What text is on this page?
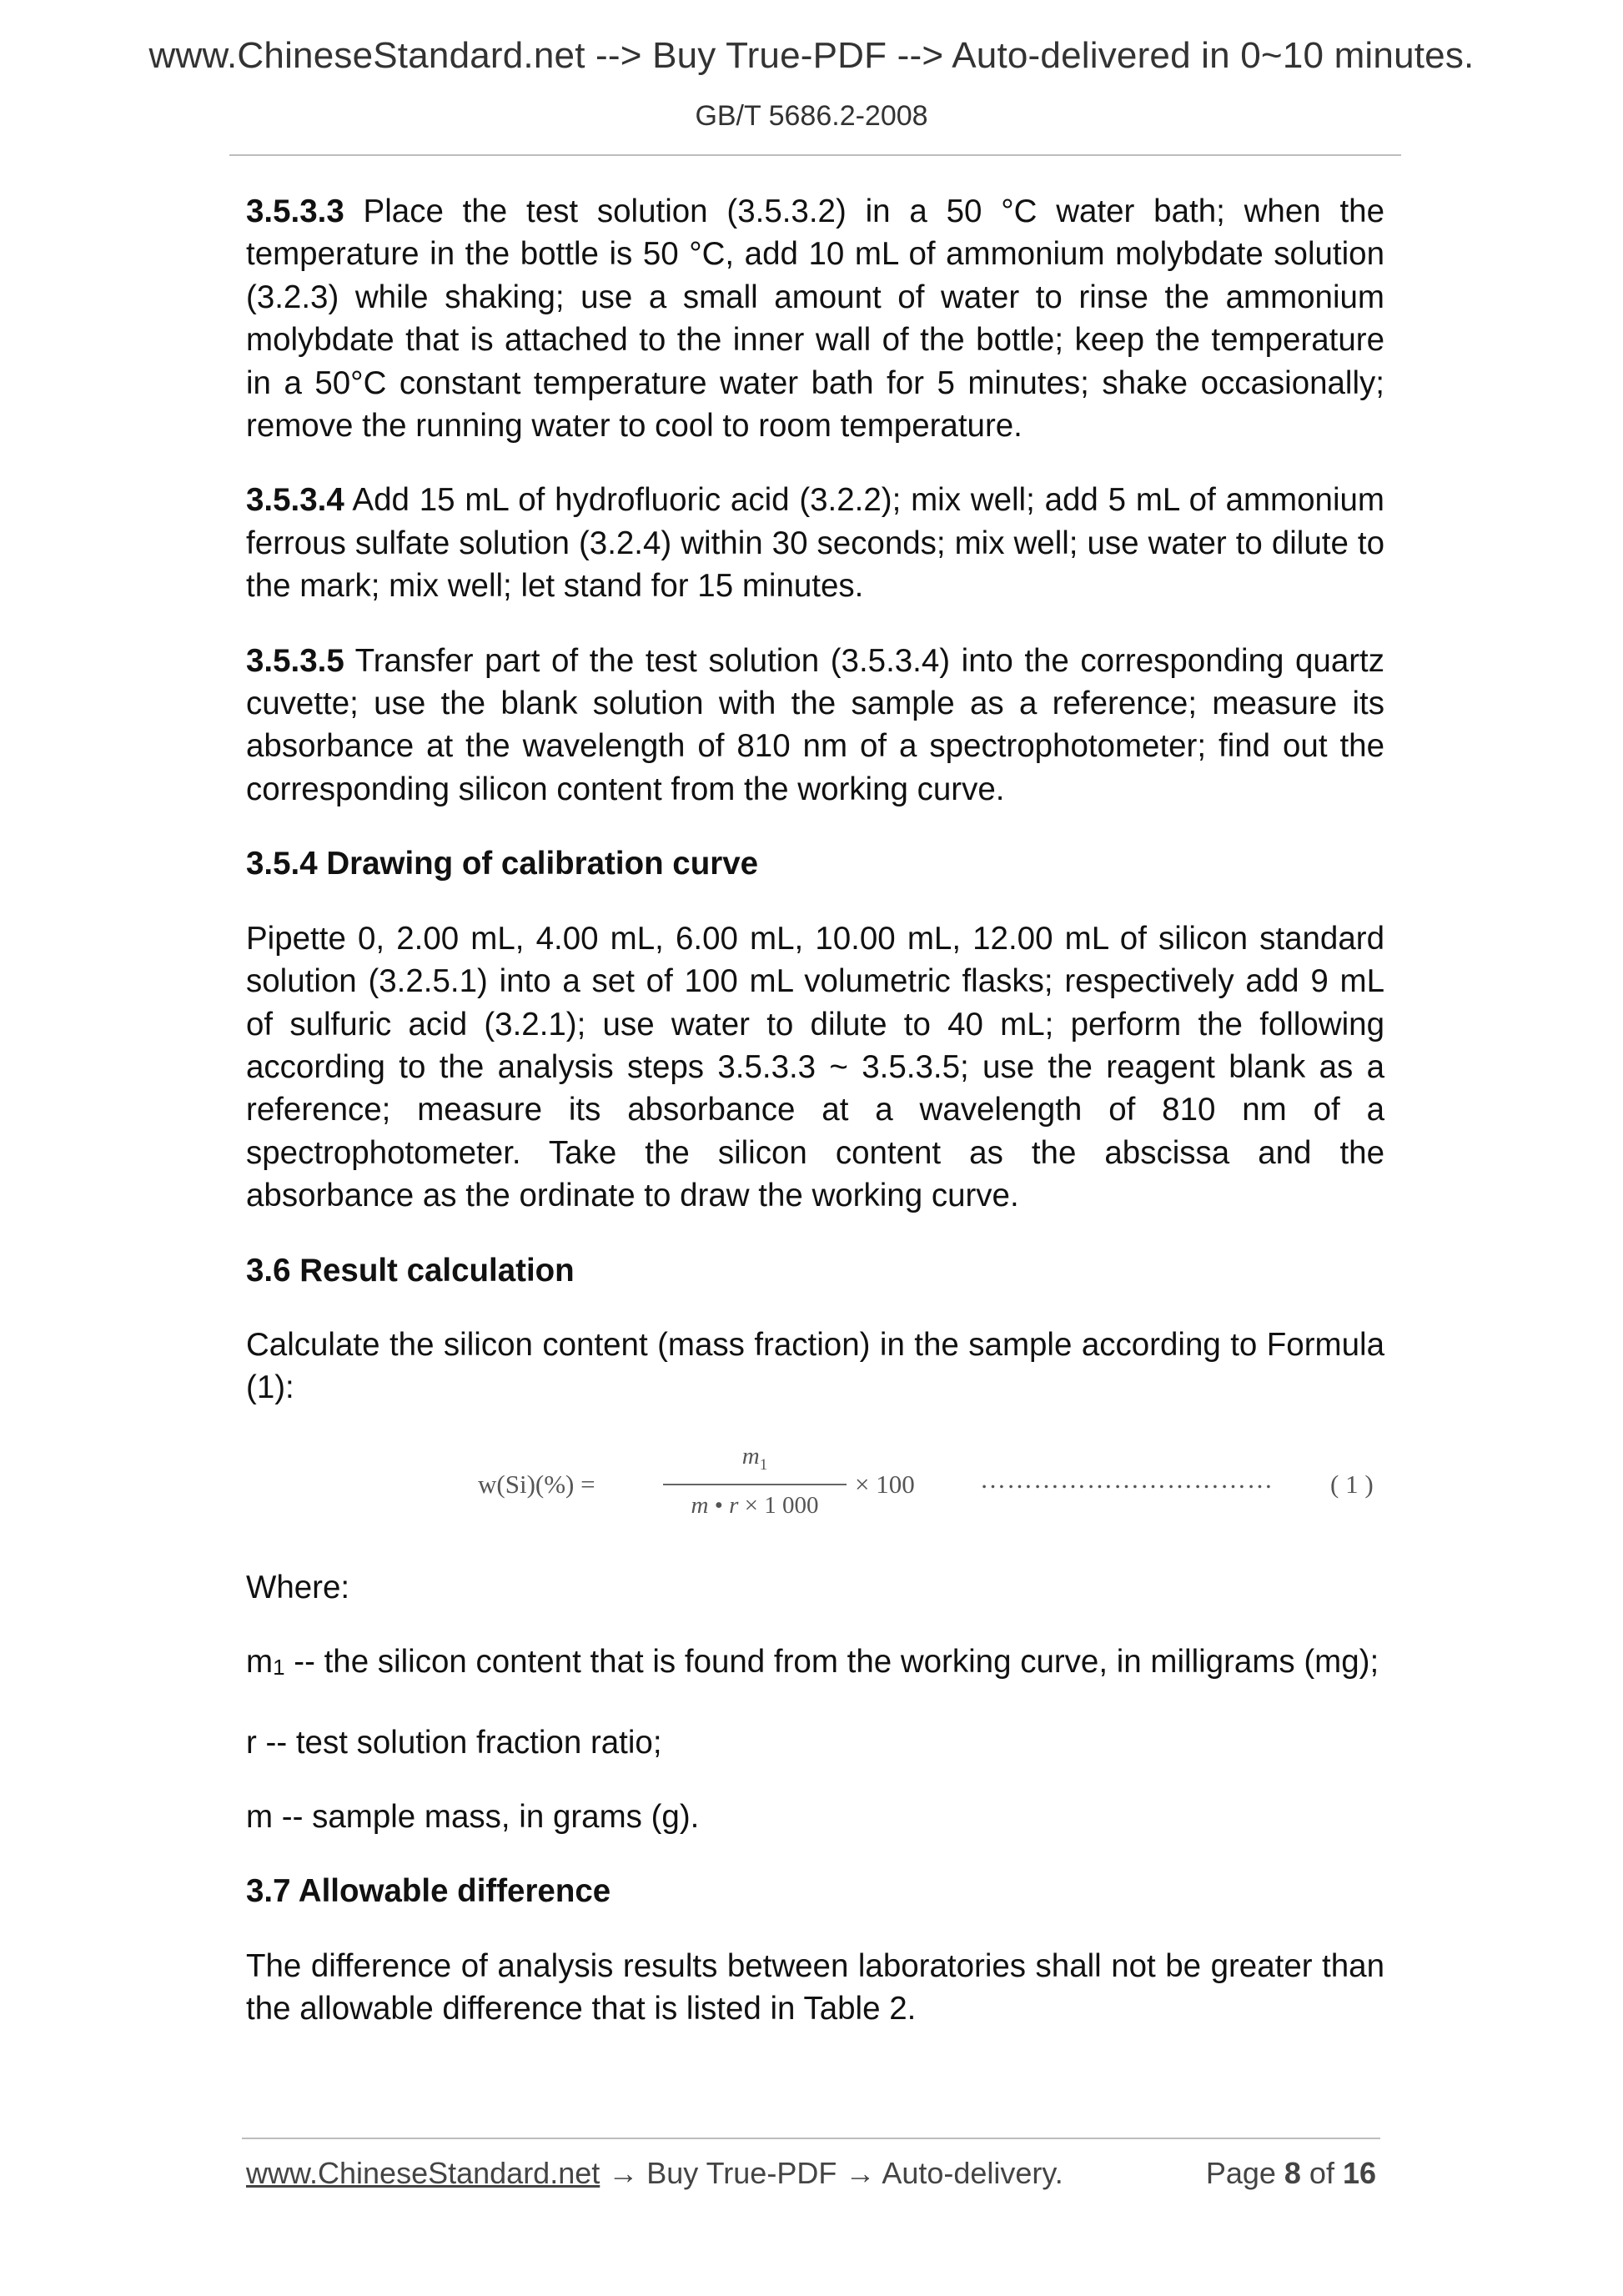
www.ChineseStandard.net --> Buy True-PDF --> Auto-delivered in 0~10 minutes.
GB/T 5686.2-2008

3.5.3.3 Place the test solution (3.5.3.2) in a 50 °C water bath; when the temperature in the bottle is 50 °C, add 10 mL of ammonium molybdate solution (3.2.3) while shaking; use a small amount of water to rinse the ammonium molybdate that is attached to the inner wall of the bottle; keep the temperature in a 50°C constant temperature water bath for 5 minutes; shake occasionally; remove the running water to cool to room temperature.

3.5.3.4 Add 15 mL of hydrofluoric acid (3.2.2); mix well; add 5 mL of ammonium ferrous sulfate solution (3.2.4) within 30 seconds; mix well; use water to dilute to the mark; mix well; let stand for 15 minutes.

3.5.3.5 Transfer part of the test solution (3.5.3.4) into the corresponding quartz cuvette; use the blank solution with the sample as a reference; measure its absorbance at the wavelength of 810 nm of a spectrophotometer; find out the corresponding silicon content from the working curve.

3.5.4 Drawing of calibration curve

Pipette 0, 2.00 mL, 4.00 mL, 6.00 mL, 10.00 mL, 12.00 mL of silicon standard solution (3.2.5.1) into a set of 100 mL volumetric flasks; respectively add 9 mL of sulfuric acid (3.2.1); use water to dilute to 40 mL; perform the following according to the analysis steps 3.5.3.3 ~ 3.5.3.5; use the reagent blank as a reference; measure its absorbance at a wavelength of 810 nm of a spectrophotometer. Take the silicon content as the abscissa and the absorbance as the ordinate to draw the working curve.

3.6 Result calculation

Calculate the silicon content (mass fraction) in the sample according to Formula (1):

w(Si)(%) =
$m_1$
m • r × 1 000
× 100	…………………………… ( 1 )

Where:

m1 -- the silicon content that is found from the working curve, in milligrams (mg);

r -- test solution fraction ratio;

m -- sample mass, in grams (g).

3.7 Allowable difference

The difference of analysis results between laboratories shall not be greater than the allowable difference that is listed in Table 2.

www.ChineseStandard.net → Buy True-PDF → Auto-delivery.	Page 8 of 16
